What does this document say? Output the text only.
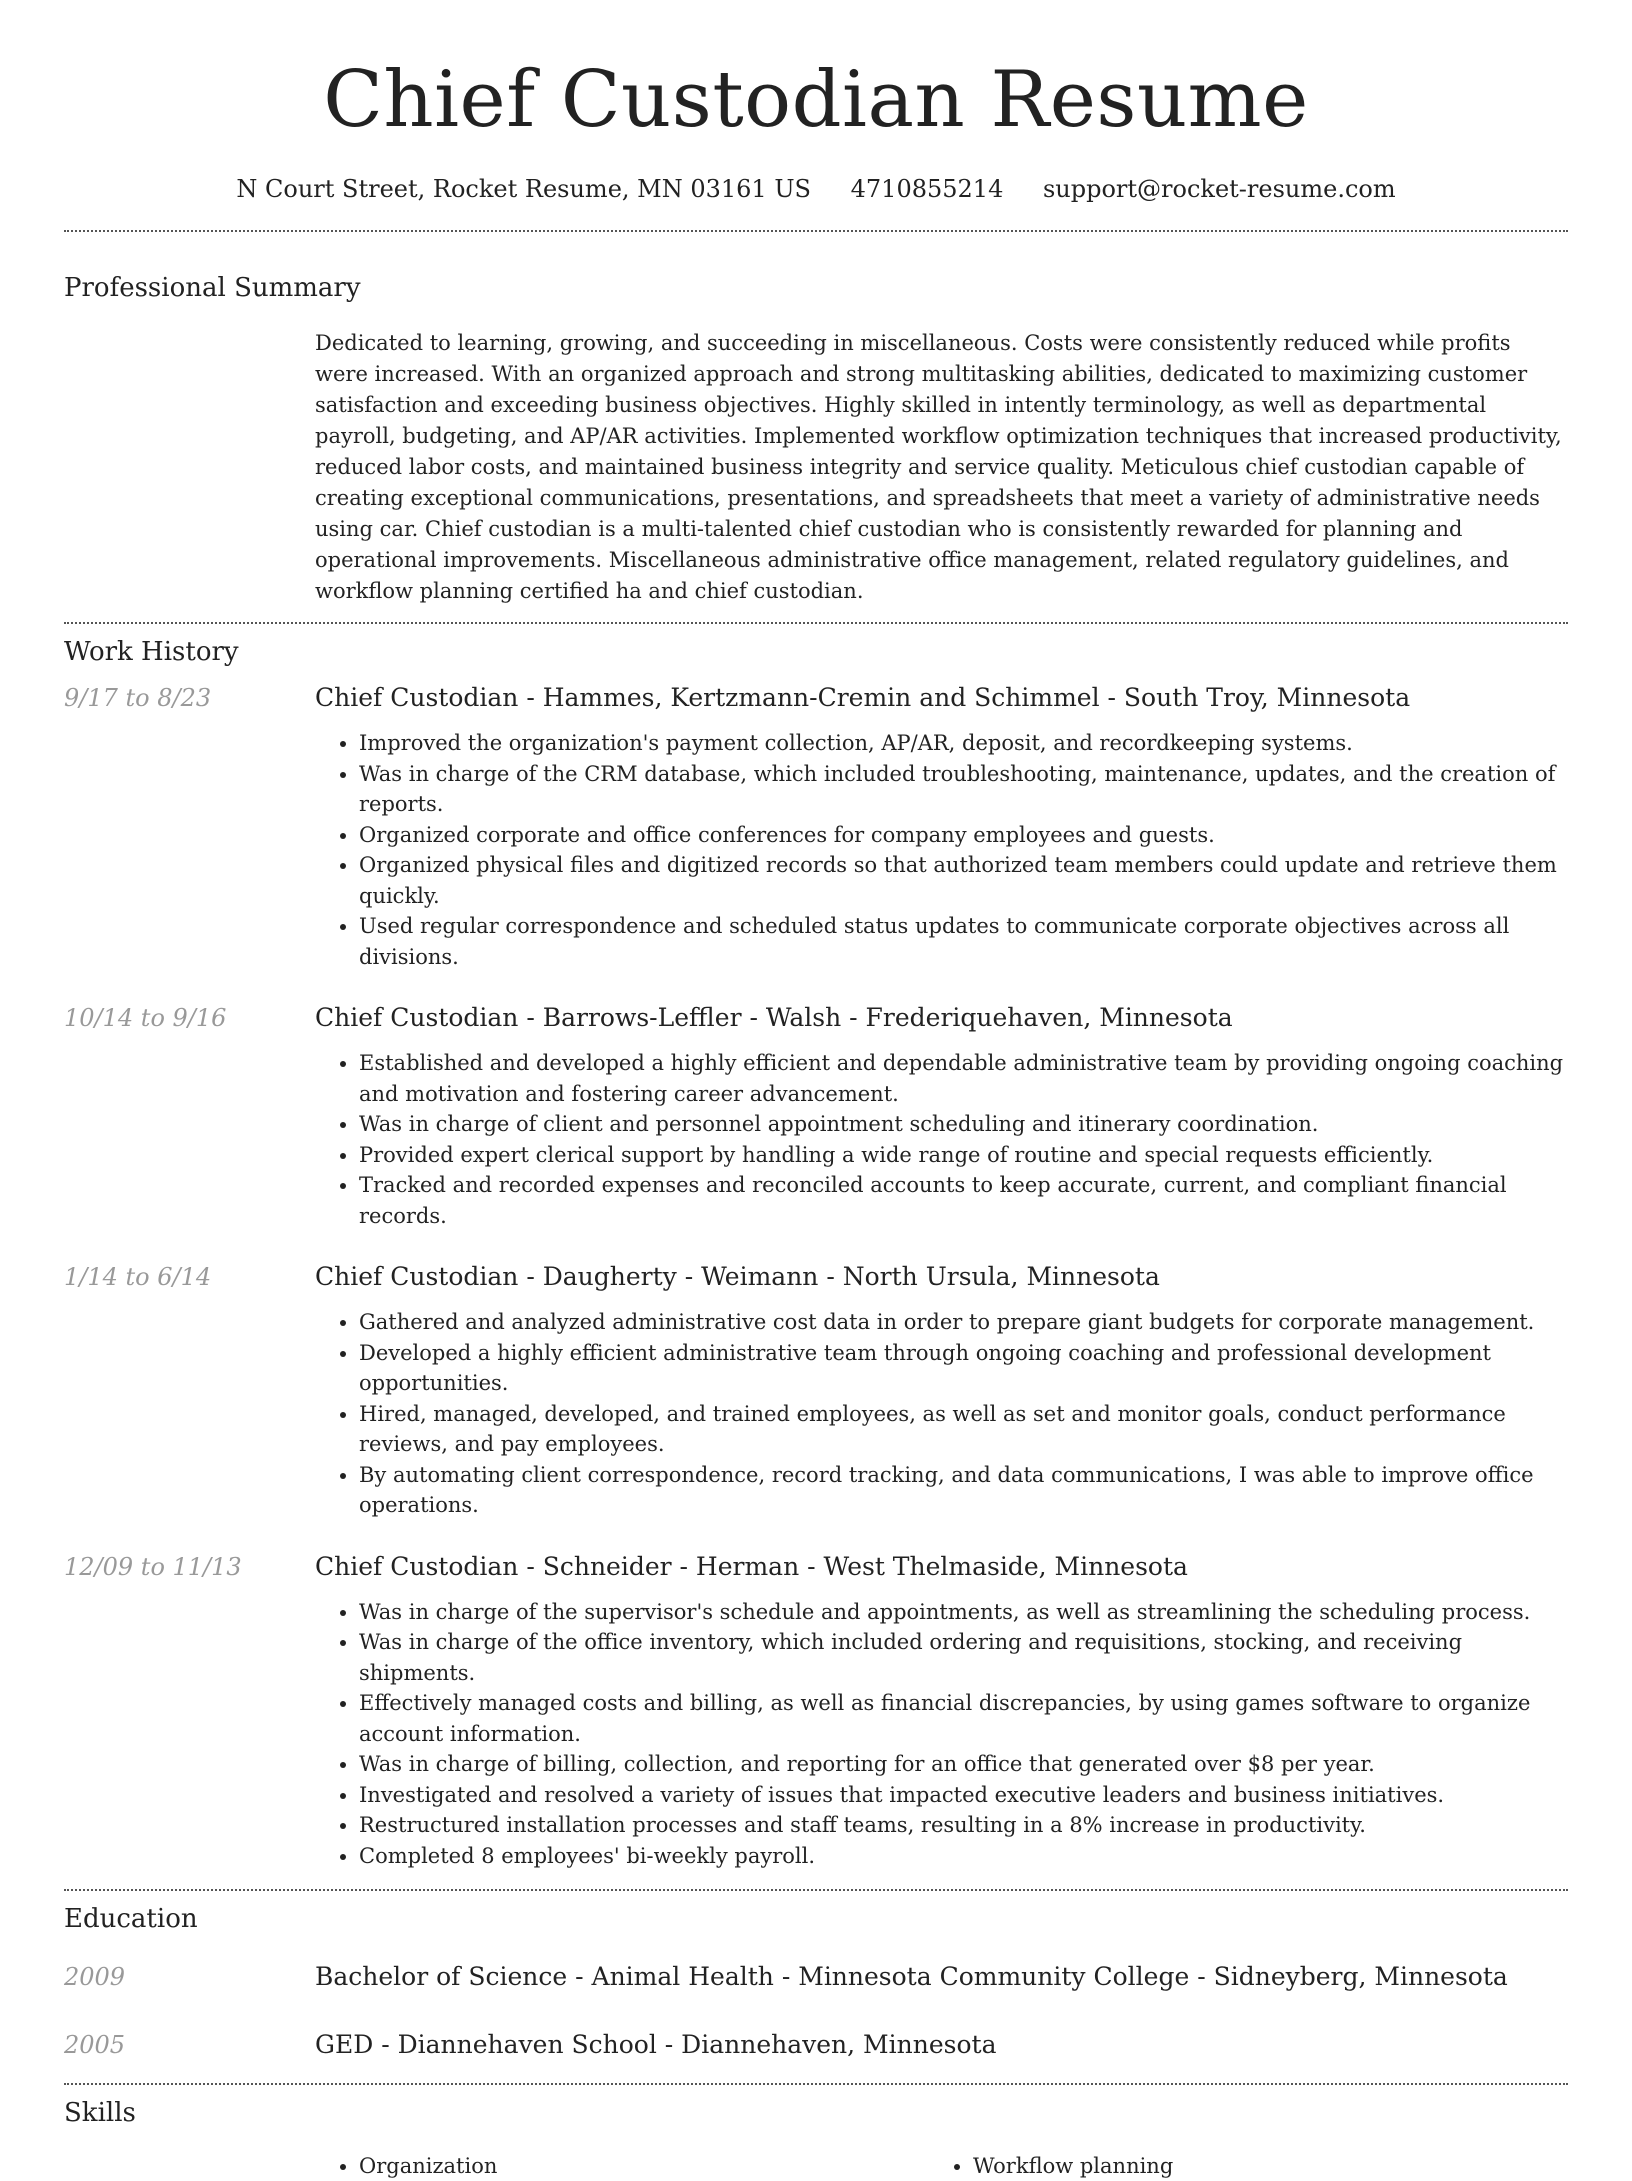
Chief Custodian Resume
N Court Street, Rocket Resume, MN 03161 US 4710855214 support@rocket-resume.com
Professional Summary
Dedicated to learning, growing, and succeeding in miscellaneous. Costs were consistently reduced while profits were increased. With an organized approach and strong multitasking abilities, dedicated to maximizing customer satisfaction and exceeding business objectives. Highly skilled in intently terminology, as well as departmental payroll, budgeting, and AP/AR activities. Implemented workflow optimization techniques that increased productivity, reduced labor costs, and maintained business integrity and service quality. Meticulous chief custodian capable of creating exceptional communications, presentations, and spreadsheets that meet a variety of administrative needs using car. Chief custodian is a multi-talented chief custodian who is consistently rewarded for planning and operational improvements. Miscellaneous administrative office management, related regulatory guidelines, and workflow planning certified ha and chief custodian.
Work History
9/17 to 8/23	Chief Custodian - Hammes, Kertzmann-Cremin and Schimmel - South Troy, Minnesota
• Improved the organization's payment collection, AP/AR, deposit, and recordkeeping systems.
• Was in charge of the CRM database, which included troubleshooting, maintenance, updates, and the creation of reports.
• Organized corporate and office conferences for company employees and guests.
• Organized physical files and digitized records so that authorized team members could update and retrieve them quickly.
• Used regular correspondence and scheduled status updates to communicate corporate objectives across all divisions.
10/14 to 9/16	Chief Custodian - Barrows-Leffler - Walsh - Frederiquehaven, Minnesota
• Established and developed a highly efficient and dependable administrative team by providing ongoing coaching and motivation and fostering career advancement.
• Was in charge of client and personnel appointment scheduling and itinerary coordination.
• Provided expert clerical support by handling a wide range of routine and special requests efficiently.
• Tracked and recorded expenses and reconciled accounts to keep accurate, current, and compliant financial records.
1/14 to 6/14	Chief Custodian - Daugherty - Weimann - North Ursula, Minnesota
• Gathered and analyzed administrative cost data in order to prepare giant budgets for corporate management.
• Developed a highly efficient administrative team through ongoing coaching and professional development opportunities.
• Hired, managed, developed, and trained employees, as well as set and monitor goals, conduct performance reviews, and pay employees.
• By automating client correspondence, record tracking, and data communications, I was able to improve office operations.
12/09 to 11/13	Chief Custodian - Schneider - Herman - West Thelmaside, Minnesota
• Was in charge of the supervisor's schedule and appointments, as well as streamlining the scheduling process.
• Was in charge of the office inventory, which included ordering and requisitions, stocking, and receiving shipments.
• Effectively managed costs and billing, as well as financial discrepancies, by using games software to organize account information.
• Was in charge of billing, collection, and reporting for an office that generated over $8 per year.
• Investigated and resolved a variety of issues that impacted executive leaders and business initiatives.
• Restructured installation processes and staff teams, resulting in a 8% increase in productivity.
• Completed 8 employees' bi-weekly payroll.
Education
2009	Bachelor of Science - Animal Health - Minnesota Community College - Sidneyberg, Minnesota
2005	GED - Diannehaven School - Diannehaven, Minnesota
Skills
• Organization
•	Workflow planning
